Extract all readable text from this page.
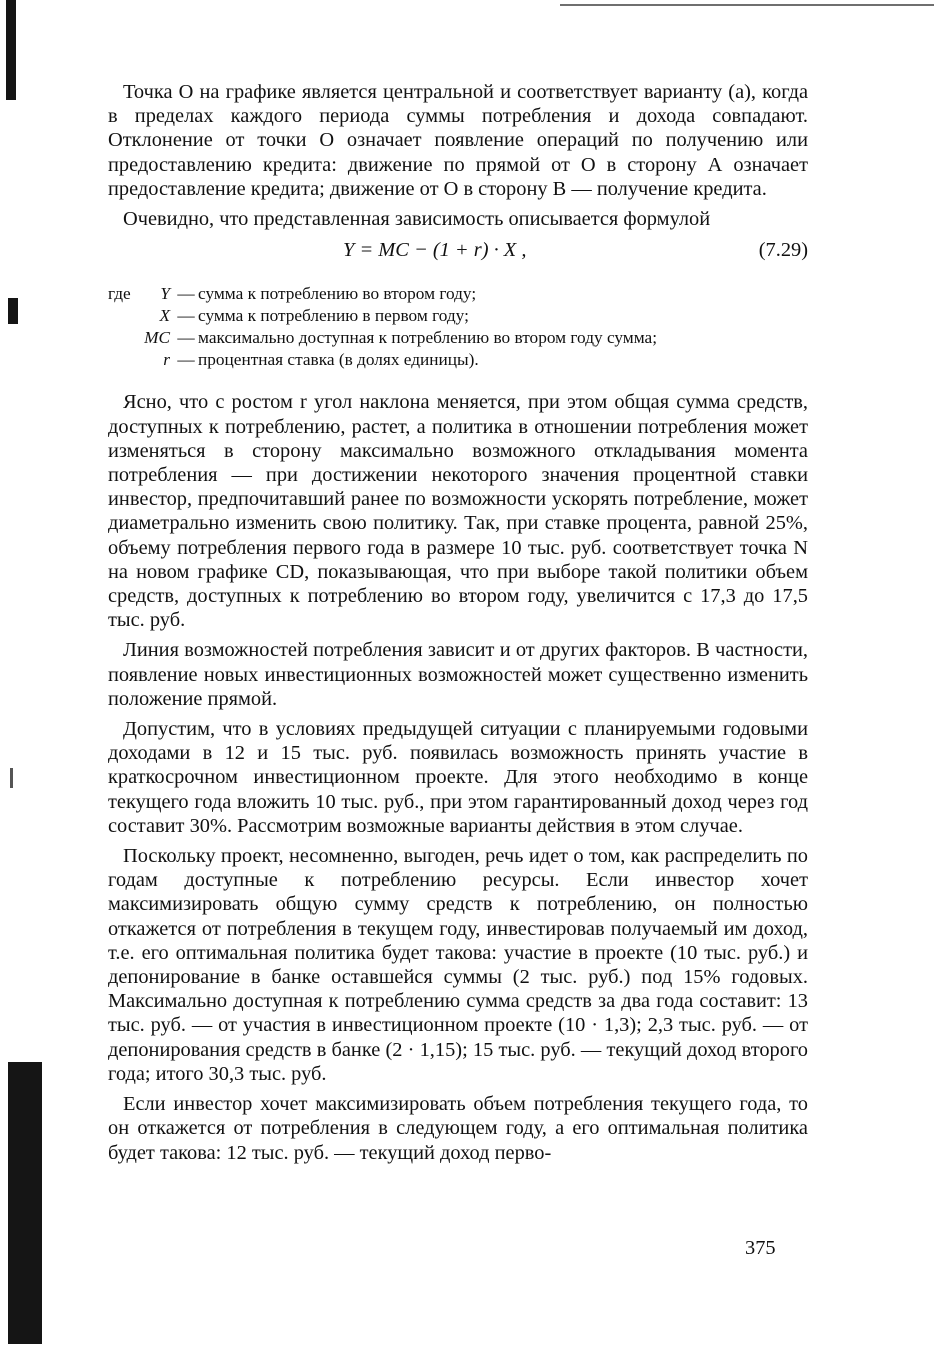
Точка О на графике является центральной и соответствует варианту (а), когда в пределах каждого периода суммы потребления и дохода совпадают. Отклонение от точки О означает появление операций по получению или предоставлению кредита: движение по прямой от О в сторону А означает предоставление кредита; движение от О в сторону В — получение кредита.

Очевидно, что представленная зависимость описывается формулой

Y = MC − (1 + r) · X ,	(7.29)
где	Y — сумма к потреблению во втором году;
X — сумма к потреблению в первом году;
MC — максимально доступная к потреблению во втором году сумма;
r — процентная ставка (в долях единицы).

Ясно, что с ростом r угол наклона меняется, при этом общая сумма средств, доступных к потреблению, растет, а политика в отношении потребления может изменяться в сторону максимально возможного откладывания момента потребления — при достижении некоторого значения процентной ставки инвестор, предпочитавший ранее по возможности ускорять потребление, может диаметрально изменить свою политику. Так, при ставке процента, равной 25%, объему потребления первого года в размере 10 тыс. руб. соответствует точка N на новом графике CD, показывающая, что при выборе такой политики объем средств, доступных к потреблению во втором году, увеличится с 17,3 до 17,5 тыс. руб.

Линия возможностей потребления зависит и от других факторов. В частности, появление новых инвестиционных возможностей может существенно изменить положение прямой.

Допустим, что в условиях предыдущей ситуации с планируемыми годовыми доходами в 12 и 15 тыс. руб. появилась возможность принять участие в краткосрочном инвестиционном проекте. Для этого необходимо в конце текущего года вложить 10 тыс. руб., при этом гарантированный доход через год составит 30%. Рассмотрим возможные варианты действия в этом случае.

Поскольку проект, несомненно, выгоден, речь идет о том, как распределить по годам доступные к потреблению ресурсы. Если инвестор хочет максимизировать общую сумму средств к потреблению, он полностью откажется от потребления в текущем году, инвестировав получаемый им доход, т.е. его оптимальная политика будет такова: участие в проекте (10 тыс. руб.) и депонирование в банке оставшейся суммы (2 тыс. руб.) под 15% годовых. Максимально доступная к потреблению сумма средств за два года составит: 13 тыс. руб. — от участия в инвестиционном проекте (10 · 1,3); 2,3 тыс. руб. — от депонирования средств в банке (2 · 1,15); 15 тыс. руб. — текущий доход второго года; итого 30,3 тыс. руб.

Если инвестор хочет максимизировать объем потребления текущего года, то он откажется от потребления в следующем году, а его оптимальная политика будет такова: 12 тыс. руб. — текущий доход перво-

375
